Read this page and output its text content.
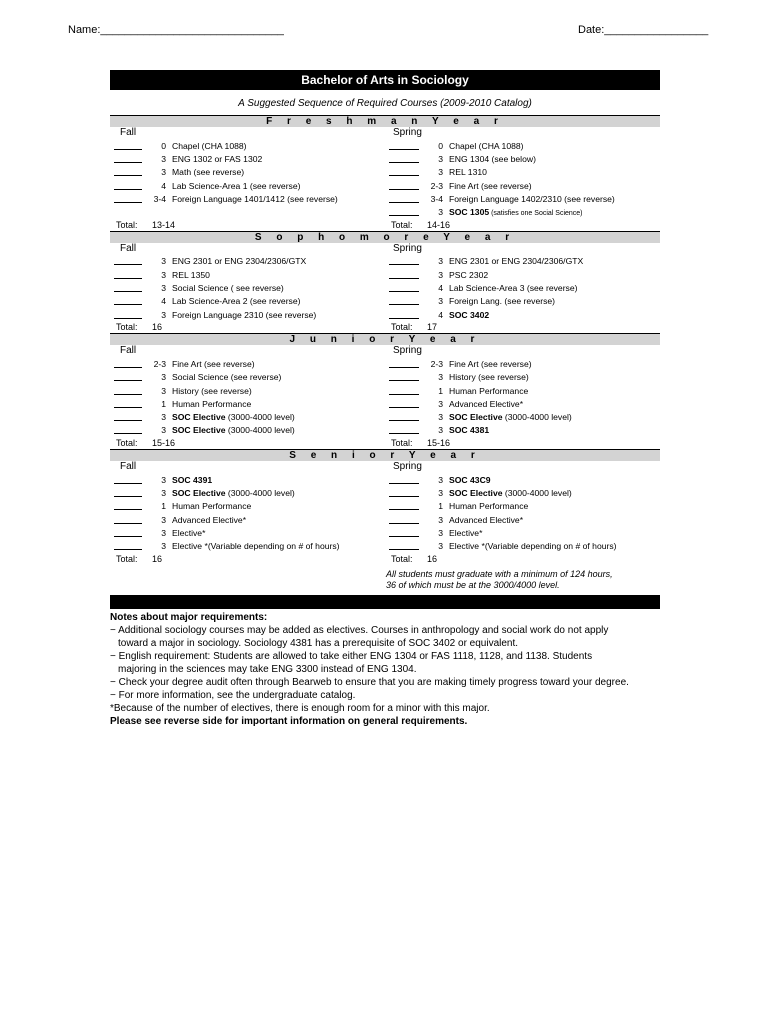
Name:______________________________	Date:_________________
Bachelor of Arts in Sociology
A Suggested Sequence of Required Courses (2009-2010 Catalog)
F r e s h m a n Y e a r
Fall	Spring
0 Chapel (CHA 1088)
3 ENG 1302 or FAS 1302
3 Math (see reverse)
4 Lab Science-Area 1 (see reverse)
3-4 Foreign Language 1401/1412 (see reverse)
0 Chapel (CHA 1088)
3 ENG 1304 (see below)
3 REL 1310
2-3 Fine Art (see reverse)
3-4 Foreign Language 1402/2310 (see reverse)
3 SOC 1305 (satisfies one Social Science)
Total:	13-14	Total:	14-16
S o p h o m o r e Y e a r
Fall	Spring
3 ENG 2301 or ENG 2304/2306/GTX
3 REL 1350
3 Social Science ( see reverse)
4 Lab Science-Area 2 (see reverse)
3 Foreign Language 2310 (see reverse)
3 ENG 2301 or ENG 2304/2306/GTX
3 PSC 2302
4 Lab Science-Area 3 (see reverse)
3 Foreign Lang. (see reverse)
4 SOC 3402
Total:	16	Total:	17
J u n i o r Y e a r
Fall	Spring
2-3 Fine Art (see reverse)
3 Social Science (see reverse)
3 History (see reverse)
1 Human Performance
3 SOC Elective (3000-4000 level)
3 SOC Elective (3000-4000 level)
2-3 Fine Art (see reverse)
3 History (see reverse)
1 Human Performance
3 Advanced Elective*
3 SOC Elective (3000-4000 level)
3 SOC 4381
Total:	15-16	Total:	15-16
S e n i o r Y e a r
Fall	Spring
3 SOC 4391
3 SOC Elective (3000-4000 level)
1 Human Performance
3 Advanced Elective*
3 Elective*
3 Elective *(Variable depending on # of hours)
3 SOC 43C9
3 SOC Elective (3000-4000 level)
1 Human Performance
3 Advanced Elective*
3 Elective*
3 Elective *(Variable depending on # of hours)
Total:	16	Total:	16
All students must graduate with a minimum of 124 hours,
36 of which must be at the 3000/4000 level.
Notes about major requirements:
− Additional sociology courses may be added as electives. Courses in anthropology and social work do not apply
toward a major in sociology. Sociology 4381 has a prerequisite of SOC 3402 or equivalent.
− English requirement: Students are allowed to take either ENG 1304 or FAS 1118, 1128, and 1138. Students
majoring in the sciences may take ENG 3300 instead of ENG 1304.
− Check your degree audit often through Bearweb to ensure that you are making timely progress toward your degree.
− For more information, see the undergraduate catalog.
*Because of the number of electives, there is enough room for a minor with this major.
Please see reverse side for important information on general requirements.
